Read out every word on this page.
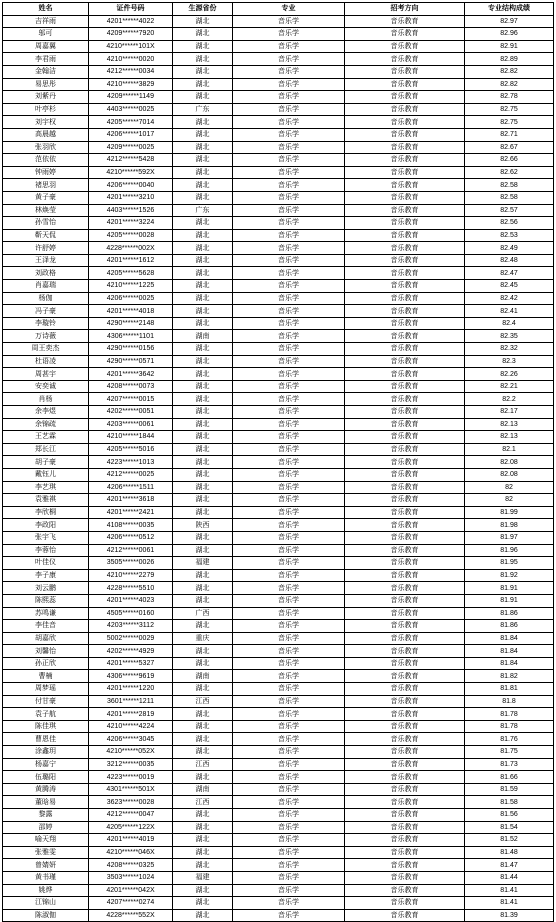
姓名	证件号码	生源省份	专业	招考方向	专业结构成绩
吉祥雨	4201******4022	湖北	音乐学	音乐教育	82.97
邬可	4209******7920	湖北	音乐学	音乐教育	82.96
周嘉翼	4210******101X	湖北	音乐学	音乐教育	82.91
李君雨	4210******0020	湖北	音乐学	音乐教育	82.89
金翰洁	4212******0034	湖北	音乐学	音乐教育	82.82
易思彤	4210******3829	湖北	音乐学	音乐教育	82.82
刘紫丹	4209******1149	湖北	音乐学	音乐教育	82.78
叶亭杉	4403******0025	广东	音乐学	音乐教育	82.75
刘宇权	4205******7014	湖北	音乐学	音乐教育	82.75
高晨越	4206******1017	湖北	音乐学	音乐教育	82.71
张羽欣	4209******0025	湖北	音乐学	音乐教育	82.67
范依依	4212******5428	湖北	音乐学	音乐教育	82.66
钟雨婷	4210******592X	湖北	音乐学	音乐教育	82.62
褚思羽	4206******0040	湖北	音乐学	音乐教育	82.58
黄子豪	4201******3210	湖北	音乐学	音乐教育	82.58
林焕莹	4403******1526	广东	音乐学	音乐教育	82.57
孙雪怡	4201******3224	湖北	音乐学	音乐教育	82.56
靳天侃	4205******0028	湖北	音乐学	音乐教育	82.53
许舒婷	4228******002X	湖北	音乐学	音乐教育	82.49
王泽龙	4201******1612	湖北	音乐学	音乐教育	82.48
刘政格	4205******5628	湖北	音乐学	音乐教育	82.47
肖嘉瑞	4210******1225	湖北	音乐学	音乐教育	82.45
杨伽	4206******0025	湖北	音乐学	音乐教育	82.42
冯子豪	4201******4018	湖北	音乐学	音乐教育	82.41
李璇铃	4290******2148	湖北	音乐学	音乐教育	82.4
万诗薇	4306******1101	湖南	音乐学	音乐教育	82.35
周王奕杰	4290******0156	湖北	音乐学	音乐教育	82.32
杜语凌	4290******0571	湖北	音乐学	音乐教育	82.3
周甚宇	4201******3642	湖北	音乐学	音乐教育	82.26
安奕诚	4208******0073	湖北	音乐学	音乐教育	82.21
肖杨	4207******0015	湖北	音乐学	音乐教育	82.2
余李煜	4202******0051	湖北	音乐学	音乐教育	82.17
余锦疏	4203******0061	湖北	音乐学	音乐教育	82.13
王艺霖	4210******1844	湖北	音乐学	音乐教育	82.13
郑长江	4205******5016	湖北	音乐学	音乐教育	82.1
胡子豪	4223******1013	湖北	音乐学	音乐教育	82.08
戴钰儿	4212******0025	湖北	音乐学	音乐教育	82.08
李艺琪	4206******1511	湖北	音乐学	音乐教育	82
袁雅祺	4201******3618	湖北	音乐学	音乐教育	82
李欣桐	4201******2421	湖北	音乐学	音乐教育	81.99
李政阳	4108******0035	陕西	音乐学	音乐教育	81.98
张宇飞	4206******0512	湖北	音乐学	音乐教育	81.97
李蓉怡	4212******0061	湖北	音乐学	音乐教育	81.96
叶佳仪	3505******0026	福建	音乐学	音乐教育	81.95
李子康	4210******2279	湖北	音乐学	音乐教育	81.92
刘云鹏	4228******5510	湖北	音乐学	音乐教育	81.91
陈熙蕊	4201******4023	湖北	音乐学	音乐教育	81.91
苏鸣谦	4505******0160	广西	音乐学	音乐教育	81.86
李佳音	4203******3112	湖北	音乐学	音乐教育	81.86
胡嘉欣	5002******0029	重庆	音乐学	音乐教育	81.84
刘馨怡	4202******4929	湖北	音乐学	音乐教育	81.84
孙正欣	4201******5327	湖北	音乐学	音乐教育	81.84
曹楠	4306******9619	湖南	音乐学	音乐教育	81.82
周梦瑶	4201******1220	湖北	音乐学	音乐教育	81.81
付甘豪	3601******1211	江西	音乐学	音乐教育	81.8
袁子航	4201******2819	湖北	音乐学	音乐教育	81.78
陈佳琪	4210******4224	湖北	音乐学	音乐教育	81.78
曹恩佳	4206******3045	湖北	音乐学	音乐教育	81.76
涂鑫玥	4210******052X	湖北	音乐学	音乐教育	81.75
杨嘉宁	3212******0035	江西	音乐学	音乐教育	81.73
伍璐阳	4223******0019	湖北	音乐学	音乐教育	81.66
黄腾涛	4301******501X	湖南	音乐学	音乐教育	81.59
董晗易	3623******0028	江西	音乐学	音乐教育	81.58
黎露	4212******0047	湖北	音乐学	音乐教育	81.56
邵婷	4205******122X	湖北	音乐学	音乐教育	81.54
喻天翔	4201******4019	湖北	音乐学	音乐教育	81.52
张雅雯	4210******046X	湖北	音乐学	音乐教育	81.48
曾婧妍	4208******0325	湖北	音乐学	音乐教育	81.47
黄书瑾	3503******1024	福建	音乐学	音乐教育	81.44
姚烨	4201******042X	湖北	音乐学	音乐教育	81.41
江锦山	4207******0274	湖北	音乐学	音乐教育	81.41
陈淑伽	4228******552X	湖北	音乐学	音乐教育	81.39
